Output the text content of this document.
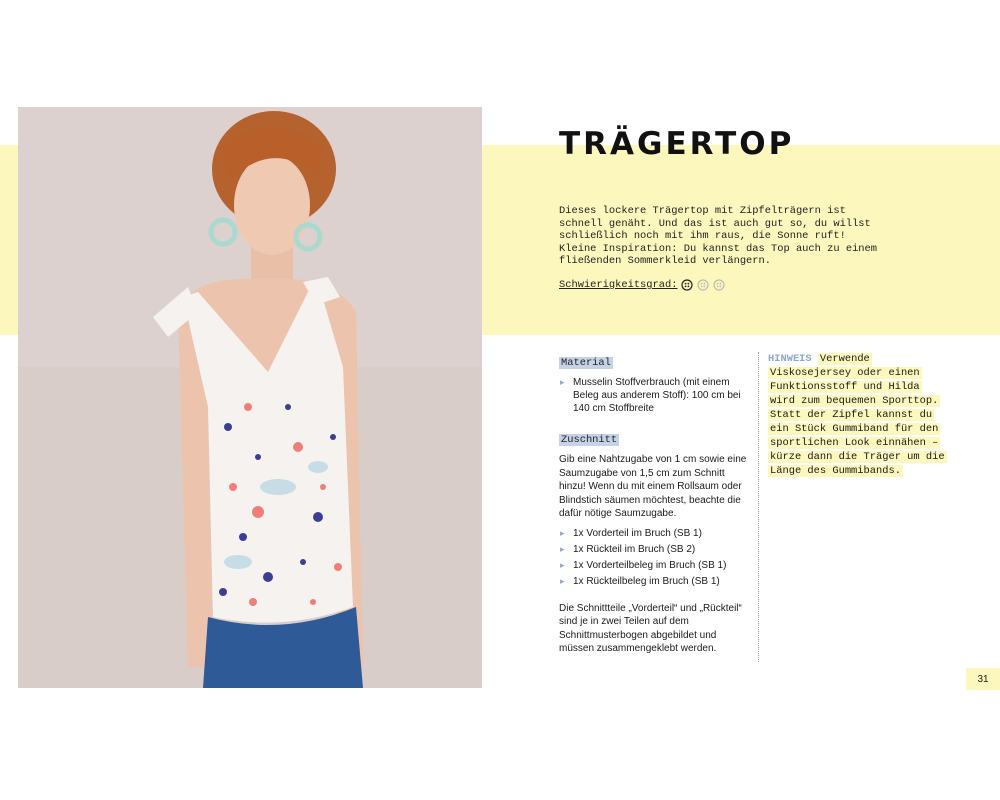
TRÄGERTOP

Dieses lockere Trägertop mit Zipfelträgern ist schnell genäht. Und das ist auch gut so, du willst schließlich noch mit ihm raus, die Sonne ruft! Kleine Inspiration: Du kannst das Top auch zu einem fließenden Sommerkleid verlängern.

Schwierigkeitsgrad:
Material
▸ Musselin Stoffverbrauch (mit einem Beleg aus anderem Stoff): 100 cm bei 140 cm Stoffbreite
Zuschnitt

Gib eine Nahtzugabe von 1 cm sowie eine Saumzugabe von 1,5 cm zum Schnitt hinzu! Wenn du mit einem Rollsaum oder Blindstich säumen möchtest, beachte die dafür nötige Saumzugabe.

▸ 1x Vorderteil im Bruch (SB 1)
▸ 1x Rückteil im Bruch (SB 2)
▸ 1x Vorderteilbeleg im Bruch (SB 1)
▸ 1x Rückteilbeleg im Bruch (SB 1)

Die Schnittteile „Vorderteil“ und „Rückteil“ sind je in zwei Teilen auf dem Schnittmusterbogen abgebildet und müssen zusammengeklebt werden.

HINWEIS Verwende Viskosejersey oder einen Funktionsstoff und Hilda wird zum bequemen Sporttop. Statt der Zipfel kannst du ein Stück Gummiband für den sportlichen Look einnähen – kürze dann die Träger um die Länge des Gummibands.

31
